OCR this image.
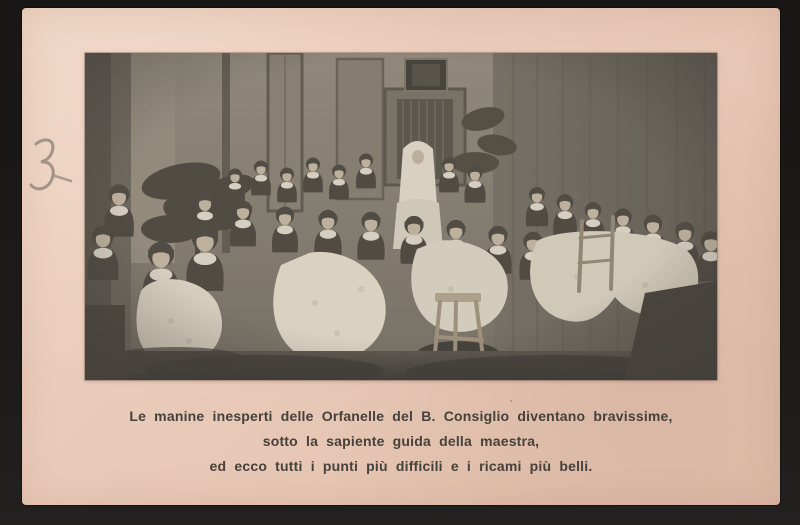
Le manine inesperti delle Orfanelle del B. Consiglio diventano bravissime,
sotto la sapiente guida della maestra,
ed ecco tutti i punti più difficili e i ricami più belli.
